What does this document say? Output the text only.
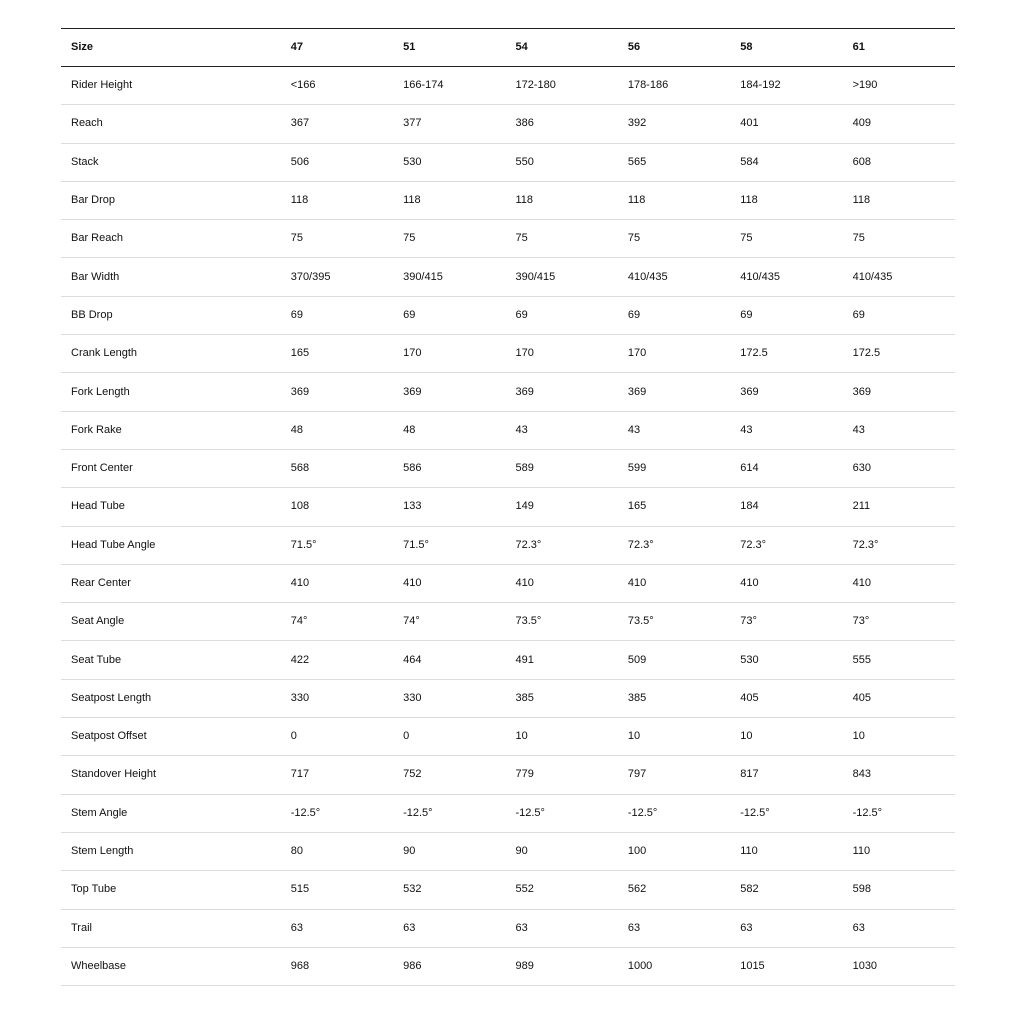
Size	47	51	54	56	58	61
Rider Height	<166	166-174	172-180	178-186	184-192	>190
Reach	367	377	386	392	401	409
Stack	506	530	550	565	584	608
Bar Drop	118	118	118	118	118	118
Bar Reach	75	75	75	75	75	75
Bar Width	370/395	390/415	390/415	410/435	410/435	410/435
BB Drop	69	69	69	69	69	69
Crank Length	165	170	170	170	172.5	172.5
Fork Length	369	369	369	369	369	369
Fork Rake	48	48	43	43	43	43
Front Center	568	586	589	599	614	630
Head Tube	108	133	149	165	184	211
Head Tube Angle	71.5°	71.5°	72.3°	72.3°	72.3°	72.3°
Rear Center	410	410	410	410	410	410
Seat Angle	74°	74°	73.5°	73.5°	73°	73°
Seat Tube	422	464	491	509	530	555
Seatpost Length	330	330	385	385	405	405
Seatpost Offset	0	0	10	10	10	10
Standover Height	717	752	779	797	817	843
Stem Angle	-12.5°	-12.5°	-12.5°	-12.5°	-12.5°	-12.5°
Stem Length	80	90	90	100	110	110
Top Tube	515	532	552	562	582	598
Trail	63	63	63	63	63	63
Wheelbase	968	986	989	1000	1015	1030
